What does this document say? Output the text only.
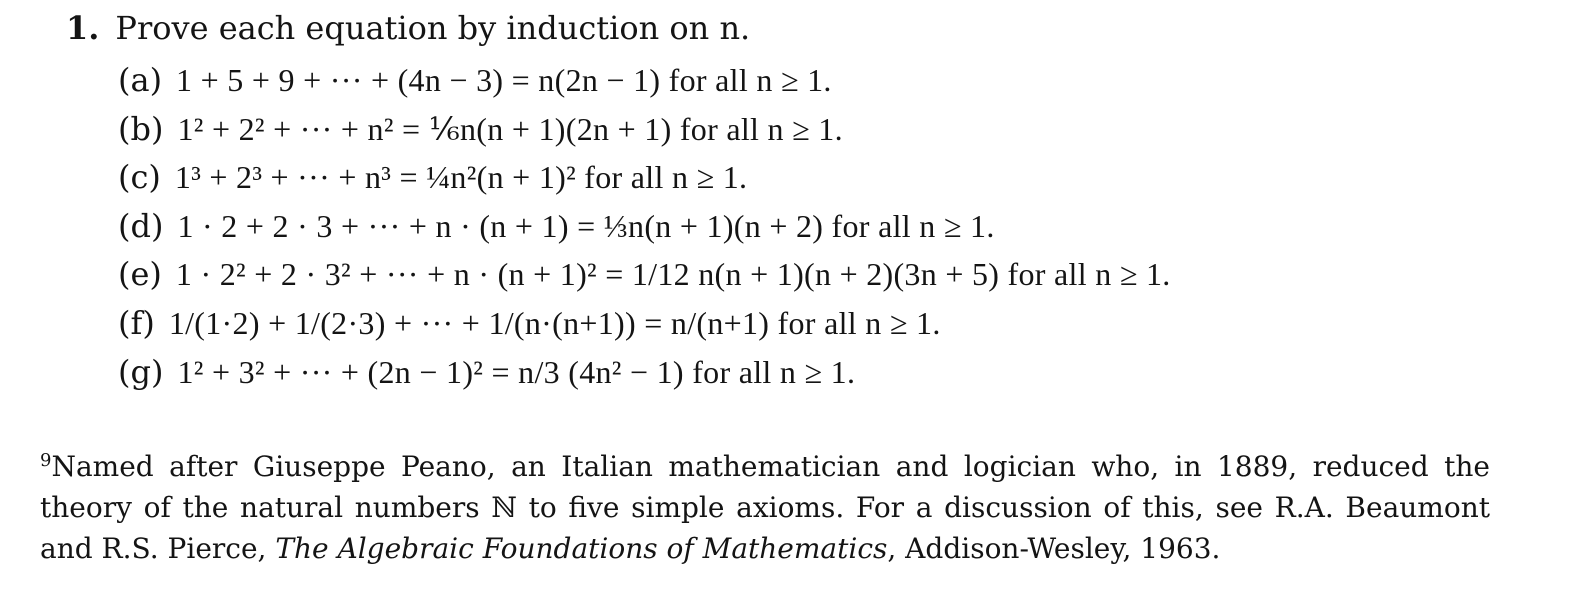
1. Prove each equation by induction on n.
(a) 1 + 5 + 9 + ··· + (4n − 3) = n(2n − 1) for all n ≥ 1.
(b) 1² + 2² + ··· + n² = ⅙n(n + 1)(2n + 1) for all n ≥ 1.
(c) 1³ + 2³ + ··· + n³ = ¼n²(n + 1)² for all n ≥ 1.
(d) 1 · 2 + 2 · 3 + ··· + n · (n + 1) = ⅓n(n + 1)(n + 2) for all n ≥ 1.
(e) 1 · 2² + 2 · 3² + ··· + n · (n + 1)² = 1/12 n(n + 1)(n + 2)(3n + 5) for all n ≥ 1.
(f) 1/(1·2) + 1/(2·3) + ··· + 1/(n·(n+1)) = n/(n+1) for all n ≥ 1.
(g) 1² + 3² + ··· + (2n − 1)² = n/3 (4n² − 1) for all n ≥ 1.
$^9$Named after Giuseppe Peano, an Italian mathematician and logician who, in 1889, reduced the theory of the natural numbers ℕ to five simple axioms. For a discussion of this, see R.A. Beaumont and R.S. Pierce, The Algebraic Foundations of Mathematics, Addison-Wesley, 1963.
